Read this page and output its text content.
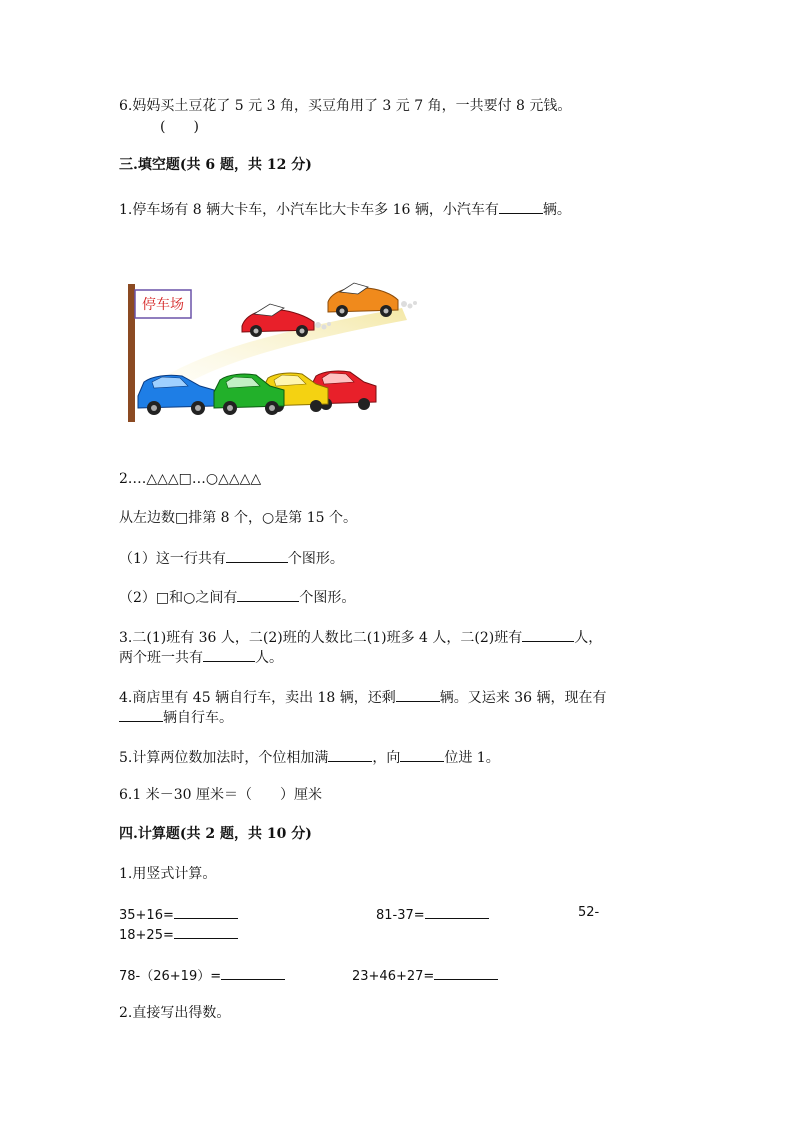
6.妈妈买土豆花了 5 元 3 角，买豆角用了 3 元 7 角，一共要付 8 元钱。
(　　)
三.填空题(共 6 题，共 12 分)
1.停车场有 8 辆大卡车，小汽车比大卡车多 16 辆，小汽车有	辆。
停车场
2.…△△△□…○△△△△
从左边数□排第 8 个，○是第 15 个。
（1）这一行共有	个图形。
（2）□和○之间有	个图形。
3.二(1)班有 36 人，二(2)班的人数比二(1)班多 4 人，二(2)班有	人，
两个班一共有	人。
4.商店里有 45 辆自行车，卖出 18 辆，还剩	辆。又运来 36 辆，现在有
辆自行车。
5.计算两位数加法时，个位相加满	，向	位进 1。
6.1 米－30 厘米＝（　　）厘米
四.计算题(共 2 题，共 10 分)
1.用竖式计算。
35+16=	81-37=	52-
18+25=
78-（26+19）=	23+46+27=
2.直接写出得数。
